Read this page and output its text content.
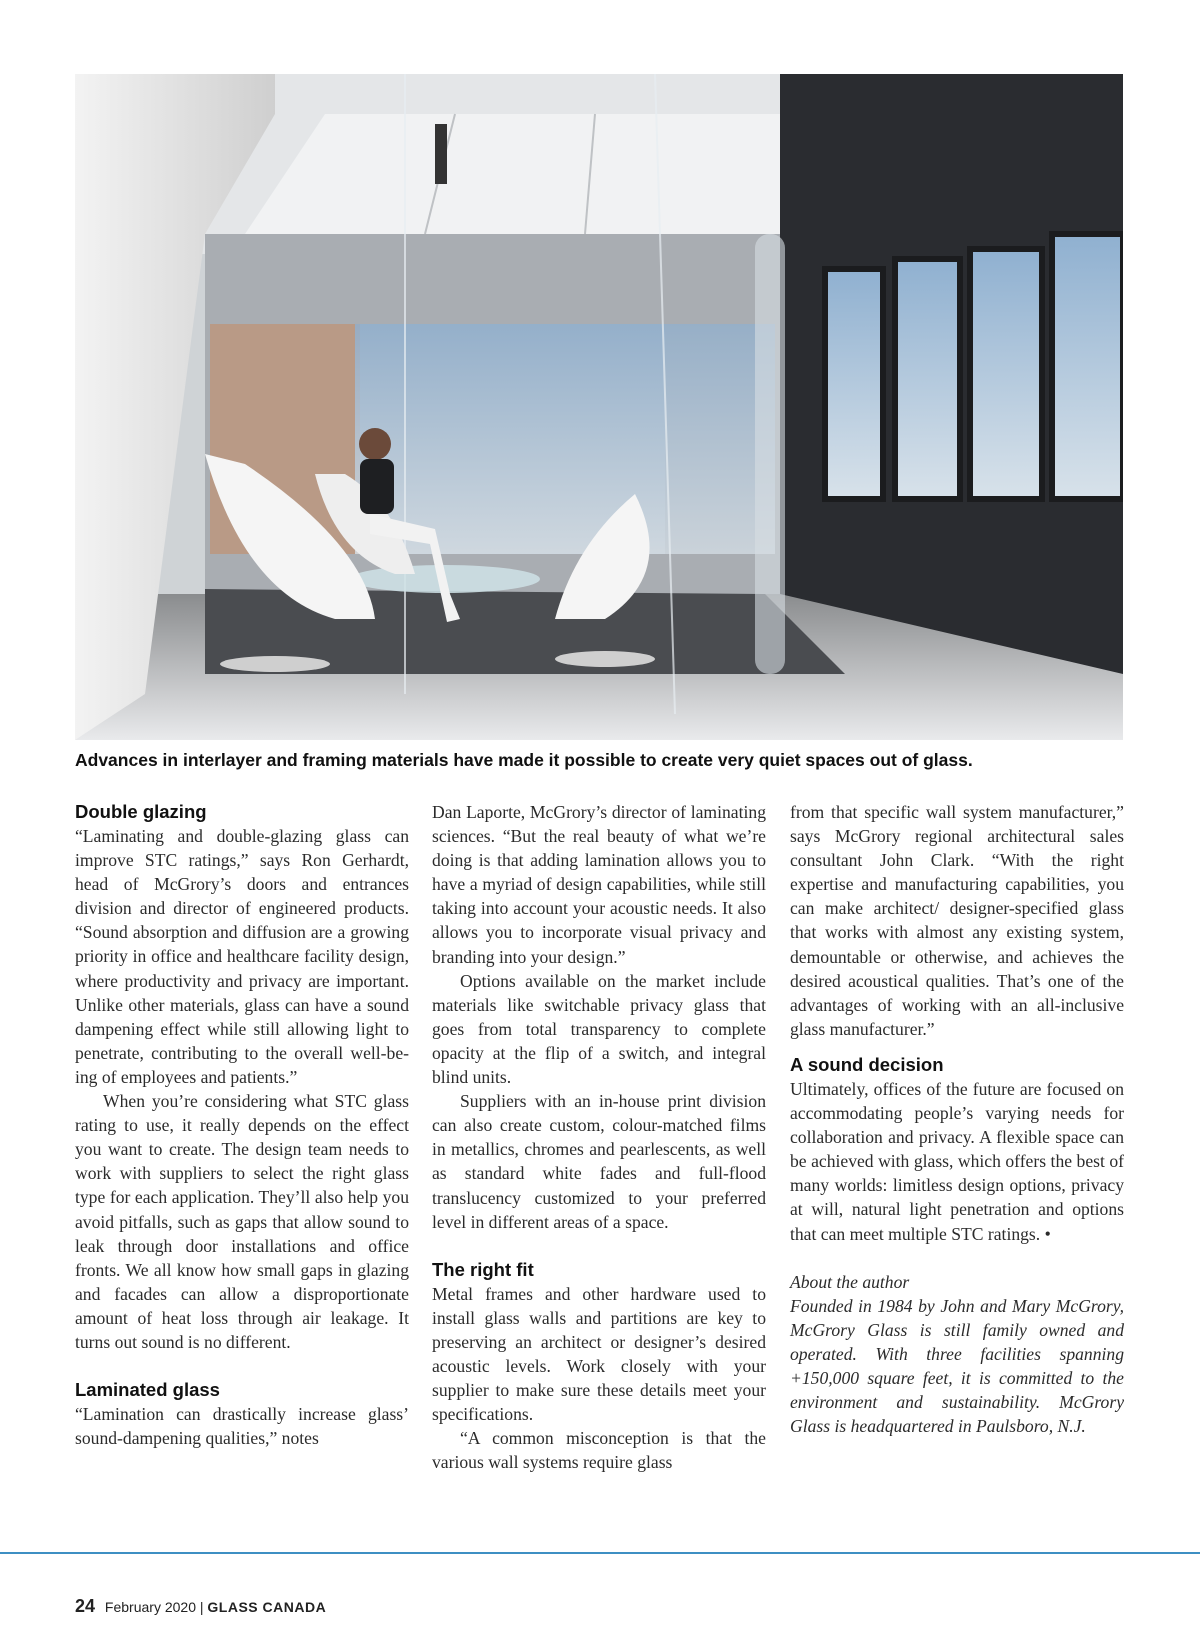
Advances in interlayer and framing materials have made it possible to create very quiet spaces out of glass.
Double glazing

“Laminating and double-glazing glass can improve STC ratings,” says Ron Gerhardt, head of McGrory’s doors and entrances division and director of engineered products. “Sound absorption and diffusion are a growing priority in office and healthcare facility design, where productivity and privacy are important. Unlike other materials, glass can have a sound dampening effect while still allowing light to penetrate, contributing to the overall well-being of employees and patients.”

When you’re considering what STC glass rating to use, it really depends on the effect you want to create. The design team needs to work with suppliers to select the right glass type for each application. They’ll also help you avoid pitfalls, such as gaps that allow sound to leak through door installations and office fronts. We all know how small gaps in glazing and facades can allow a disproportionate amount of heat loss through air leakage. It turns out sound is no different.

Laminated glass

“Lamination can drastically increase glass’ sound-dampening qualities,” notes

Dan Laporte, McGrory’s director of laminating sciences. “But the real beauty of what we’re doing is that adding lamination allows you to have a myriad of design capabilities, while still taking into account your acoustic needs. It also allows you to incorporate visual privacy and branding into your design.”

Options available on the market include materials like switchable privacy glass that goes from total transparency to complete opacity at the flip of a switch, and integral blind units.

Suppliers with an in-house print division can also create custom, colour-matched films in metallics, chromes and pearlescents, as well as standard white fades and full-flood translucency customized to your preferred level in different areas of a space.

The right fit

Metal frames and other hardware used to install glass walls and partitions are key to preserving an architect or designer’s desired acoustic levels. Work closely with your supplier to make sure these details meet your specifications.

“A common misconception is that the various wall systems require glass

from that specific wall system manufacturer,” says McGrory regional architectural sales consultant John Clark. “With the right expertise and manufacturing capabilities, you can make architect/ designer-specified glass that works with almost any existing system, demountable or otherwise, and achieves the desired acoustical qualities. That’s one of the advantages of working with an all-inclusive glass manufacturer.”

A sound decision

Ultimately, offices of the future are focused on accommodating people’s varying needs for collaboration and privacy. A flexible space can be achieved with glass, which offers the best of many worlds: limitless design options, privacy at will, natural light penetration and options that can meet multiple STC ratings. •

About the author

Founded in 1984 by John and Mary McGrory, McGrory Glass is still family owned and operated. With three facilities spanning +150,000 square feet, it is committed to the environment and sustainability. McGrory Glass is headquartered in Paulsboro, N.J.

24 February 2020 | GLASS CANADA
